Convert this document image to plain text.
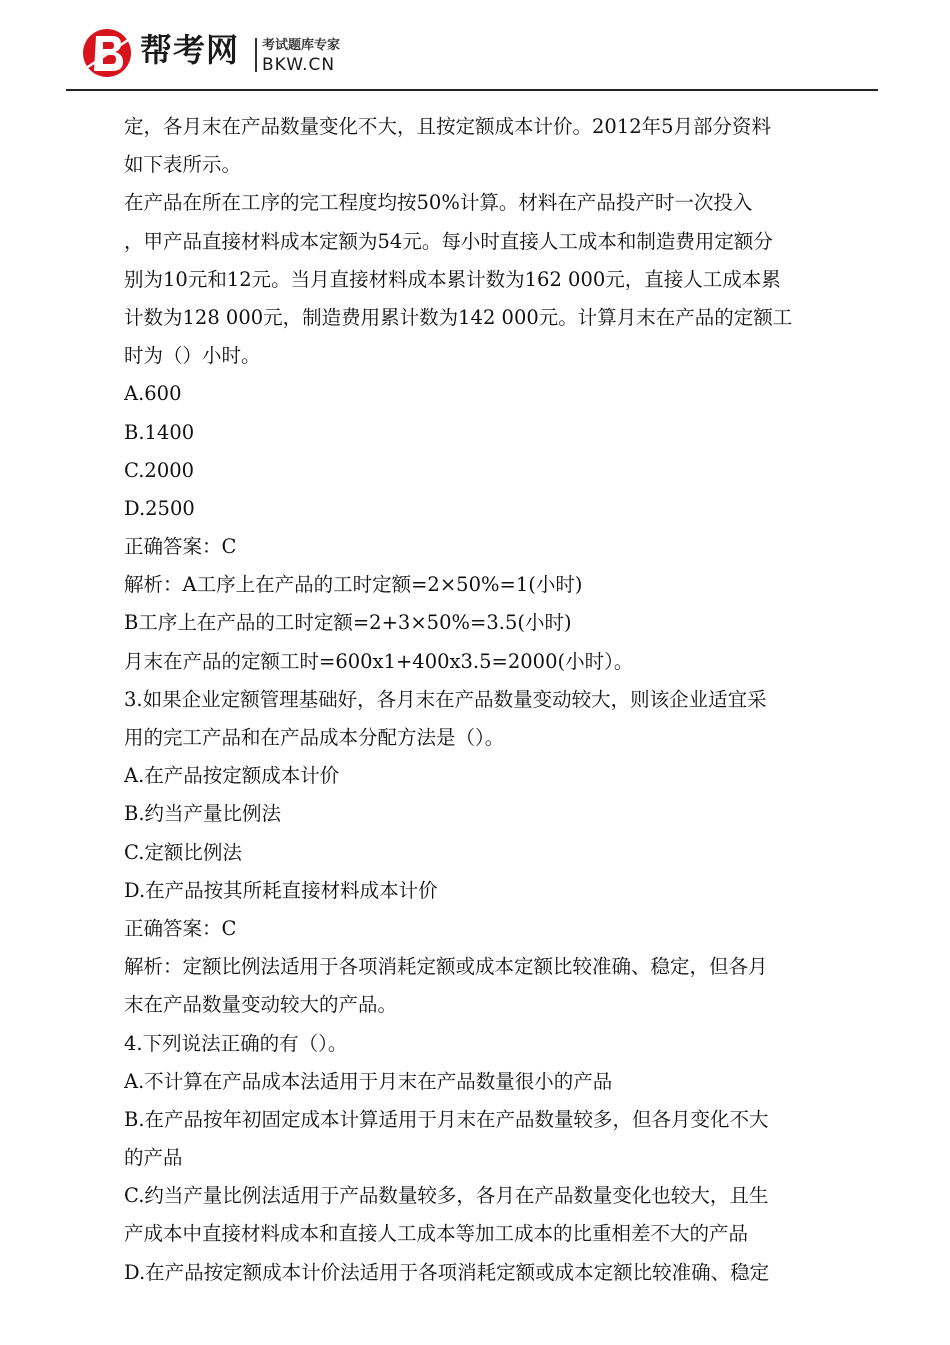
帮考网 考试题库专家
BKW.CN
定，各月末在产品数量变化不大，且按定额成本计价。2012年5月部分资料
如下表所示。
在产品在所在工序的完工程度均按50%计算。材料在产品投产时一次投入
，甲产品直接材料成本定额为54元。每小时直接人工成本和制造费用定额分
别为10元和12元。当月直接材料成本累计数为162 000元，直接人工成本累
计数为128 000元，制造费用累计数为142 000元。计算月末在产品的定额工
时为（）小时。
A.600
B.1400
C.2000
D.2500
正确答案：C
解析：A工序上在产品的工时定额=2×50%=1(小时)
B工序上在产品的工时定额=2+3×50%=3.5(小时)
月末在产品的定额工时=600x1+400x3.5=2000(小时）。
3.如果企业定额管理基础好，各月末在产品数量变动较大，则该企业适宜采
用的完工产品和在产品成本分配方法是（）。
A.在产品按定额成本计价
B.约当产量比例法
C.定额比例法
D.在产品按其所耗直接材料成本计价
正确答案：C
解析：定额比例法适用于各项消耗定额或成本定额比较准确、稳定，但各月
末在产品数量变动较大的产品。
4.下列说法正确的有（）。
A.不计算在产品成本法适用于月末在产品数量很小的产品
B.在产品按年初固定成本计算适用于月末在产品数量较多，但各月变化不大
的产品
C.约当产量比例法适用于产品数量较多，各月在产品数量变化也较大，且生
产成本中直接材料成本和直接人工成本等加工成本的比重相差不大的产品
D.在产品按定额成本计价法适用于各项消耗定额或成本定额比较准确、稳定
